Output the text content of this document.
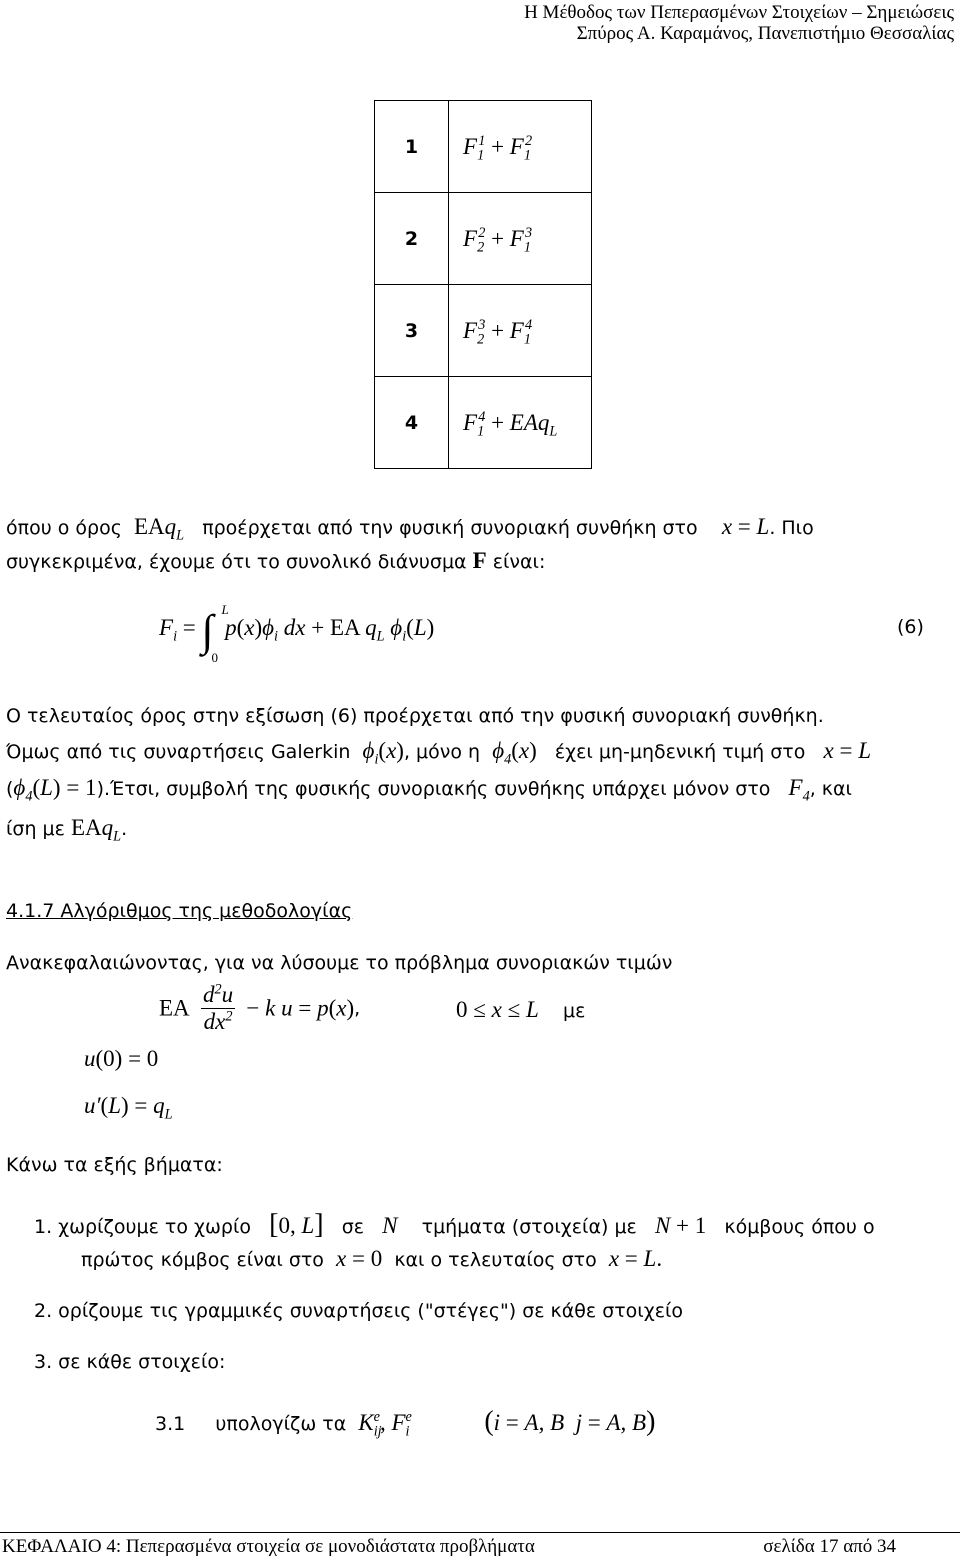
Η Μέθοδος των Πεπερασμένων Στοιχείων – Σημειώσεις
Σπύρος Α. Καραμάνος, Πανεπιστήμιο Θεσσαλίας
1	$F_1^1 + F_1^2$
2	$F_2^2 + F_1^3$
3	$F_2^3 + F_1^4$
4	$F_1^4 + EAq_L$
όπου ο όρος ΕΑq$_L$ προέρχεται από την φυσική συνοριακή συνθήκη στο x = L. Πιο
συγκεκριμένα, έχουμε ότι το συνολικό διάνυσμα F είναι:
$F_i$ = ∫ L
0
$p(x)\phi_i$ dx + ΕΑ $q_L$ $\phi_i(L)$	(6)
Ο τελευταίος όρος στην εξίσωση (6) προέρχεται από την φυσική συνοριακή συνθήκη.
Όμως από τις συναρτήσεις Galerkin $\phi_i(x)$, μόνο η $\phi_4(x)$ έχει μη-μηδενική τιμή στο x = L
$(\phi_4(L) = 1).Έ\tau\sigma\iota$, συμβολή της φυσικής συνοριακής συνθήκης υπάρχει μόνον στο $F_4$, και
ίση με ΕΑq$_L$.
4.1.7 Αλγόριθμος της μεθοδολογίας
Ανακεφαλαιώνοντας, για να λύσουμε το πρόβλημα συνοριακών τιμών
ΕΑ $\frac{d^2u}{dx^2} - k$ u = p(x),	0 ≤ x ≤ L με
u(0) = 0
$u'(L) = q_L$
Κάνω τα εξής βήματα:
1. χωρίζουμε το χωρίο [0, L] σε N τμήματα (στοιχεία) με N + 1 κόμβους όπου ο
πρώτος κόμβος είναι στο x = 0 και ο τελευταίος στο x = L.
2. ορίζουμε τις γραμμικές συναρτήσεις ("στέγες") σε κάθε στοιχείο
3. σε κάθε στοιχείο:
3.1 υπολογίζω τα $K_{ij}^e$, $F_i^e$	(i = A, B  j = A, B)
ΚΕΦΑΛΑΙΟ 4: Πεπερασμένα στοιχεία σε μονοδιάστατα προβλήματα	σελίδα 17 από 34
